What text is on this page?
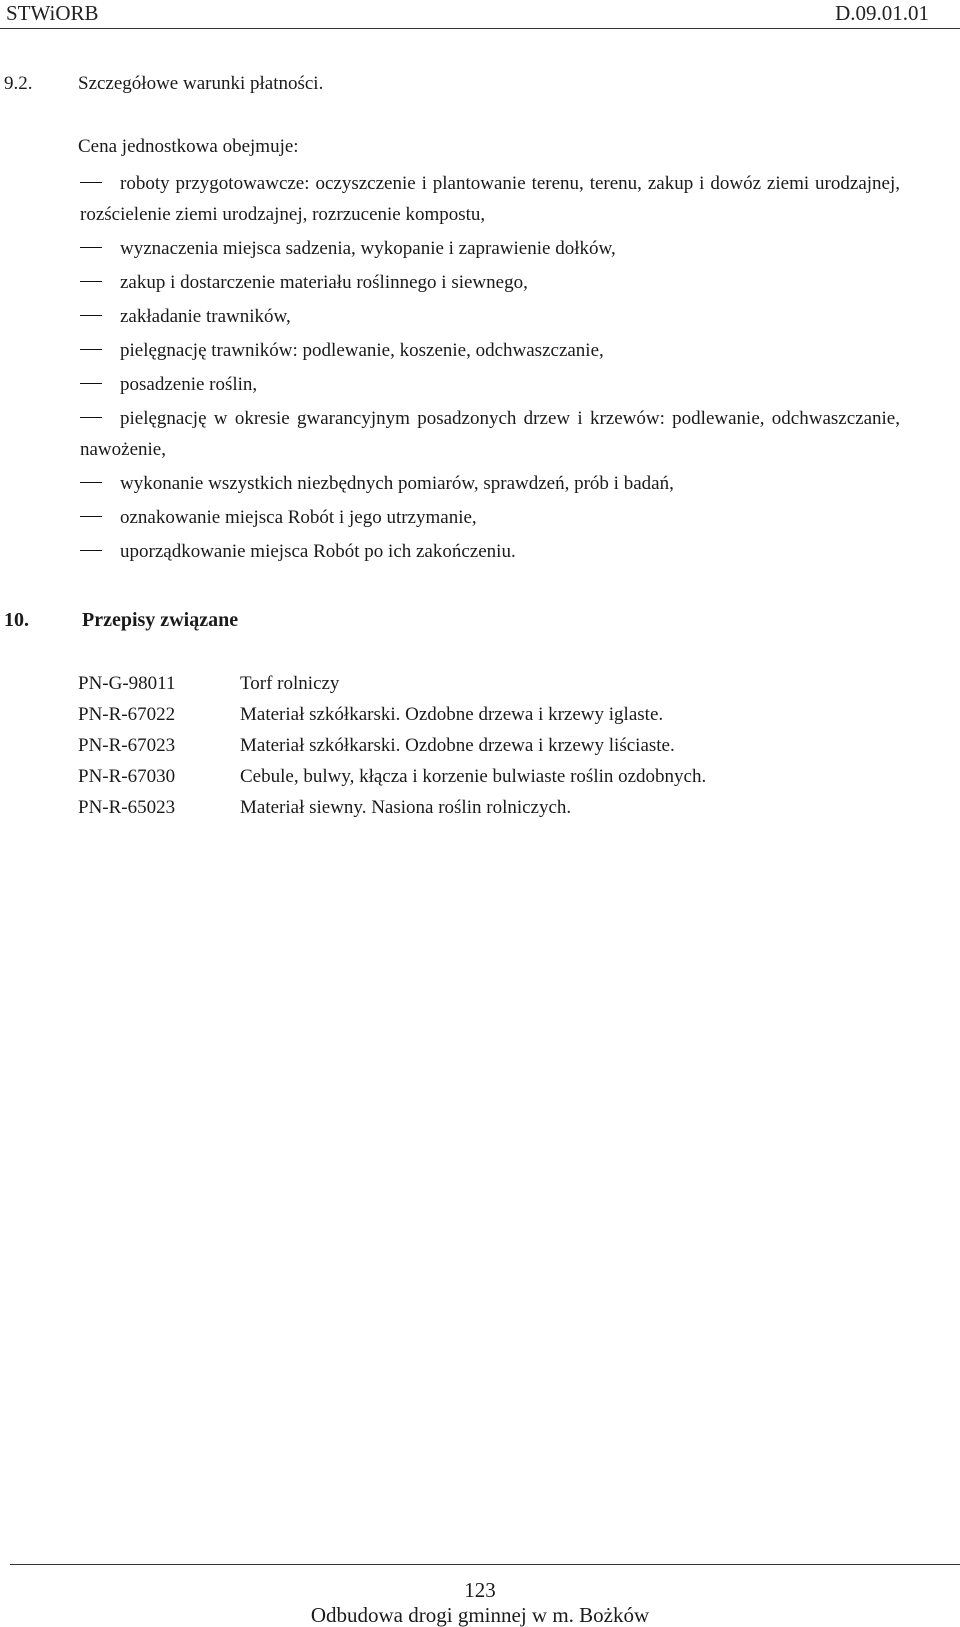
STWiORB	D.09.01.01
9.2. Szczegółowe warunki płatności.
Cena jednostkowa obejmuje:
roboty przygotowawcze: oczyszczenie i plantowanie terenu, terenu, zakup i dowóz ziemi urodzajnej, rozścielenie ziemi urodzajnej, rozrzucenie kompostu,
wyznaczenia miejsca sadzenia, wykopanie i zaprawienie dołków,
zakup i dostarczenie materiału roślinnego i siewnego,
zakładanie trawników,
pielęgnację trawników: podlewanie, koszenie, odchwaszczanie,
posadzenie roślin,
pielęgnację w okresie gwarancyjnym posadzonych drzew i krzewów: podlewanie, odchwaszczanie, nawożenie,
wykonanie wszystkich niezbędnych pomiarów, sprawdzeń, prób i badań,
oznakowanie miejsca Robót i jego utrzymanie,
uporządkowanie miejsca Robót po ich zakończeniu.
10.	Przepisy związane
PN-G-98011	Torf rolniczy
PN-R-67022	Materiał szkółkarski. Ozdobne drzewa i krzewy iglaste.
PN-R-67023	Materiał szkółkarski. Ozdobne drzewa i krzewy liściaste.
PN-R-67030	Cebule, bulwy, kłącza i korzenie bulwiaste roślin ozdobnych.
PN-R-65023	Materiał siewny. Nasiona roślin rolniczych.
123
Odbudowa drogi gminnej w m. Bożków
